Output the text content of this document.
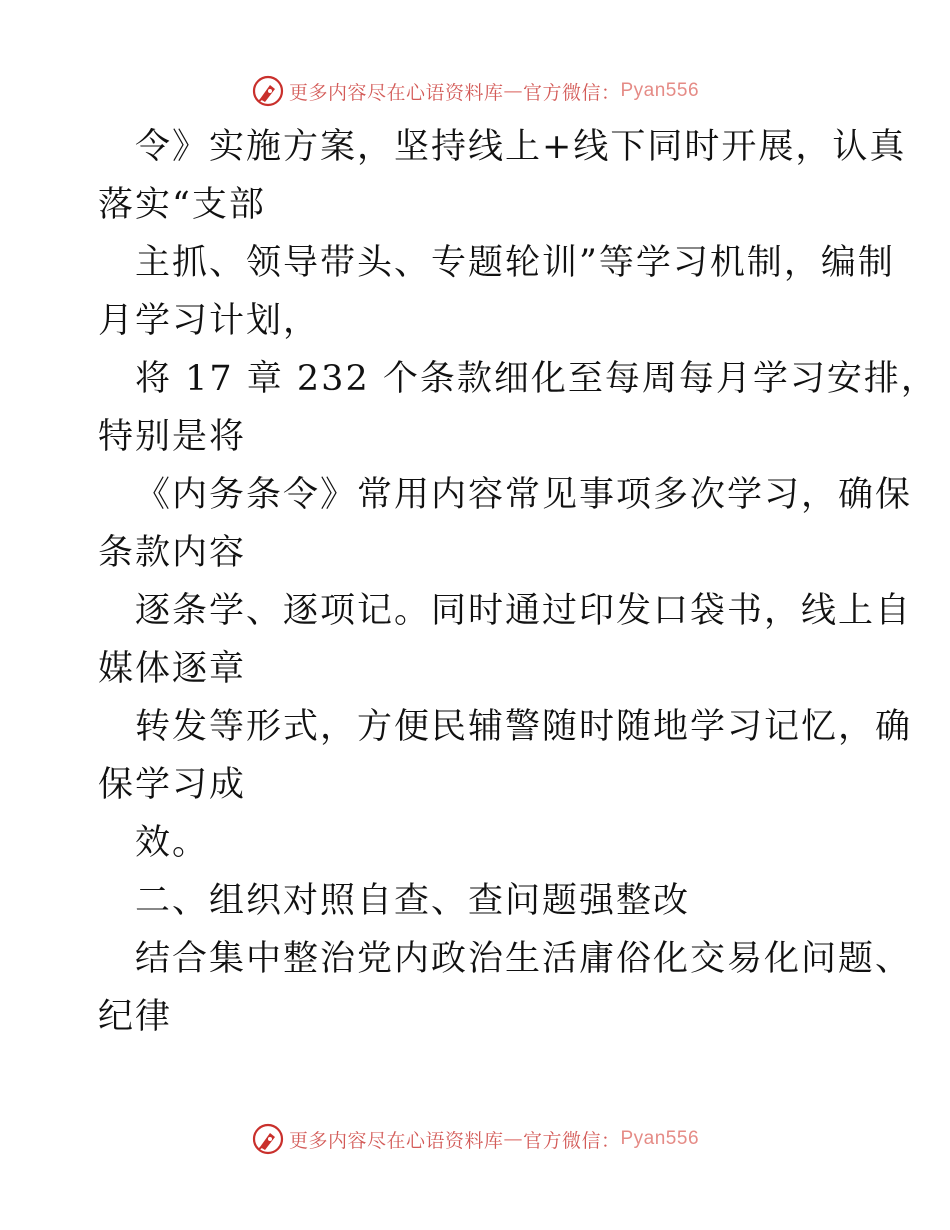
更多内容尽在心语资料库 — 官方微信： Pyan556
令》实施方案，坚持线上+线下同时开展，认真
落实“支部
主抓、领导带头、专题轮训”等学习机制，编制
月学习计划，
将 17 章 232 个条款细化至每周每月学习安排，
特别是将
《内务条令》常用内容常见事项多次学习，确保
条款内容
逐条学、逐项记。同时通过印发口袋书，线上自
媒体逐章
转发等形式，方便民辅警随时随地学习记忆，确
保学习成
效。
二、组织对照自查、查问题强整改
结合集中整治党内政治生活庸俗化交易化问题、
纪律
更多内容尽在心语资料库 — 官方微信： Pyan556
